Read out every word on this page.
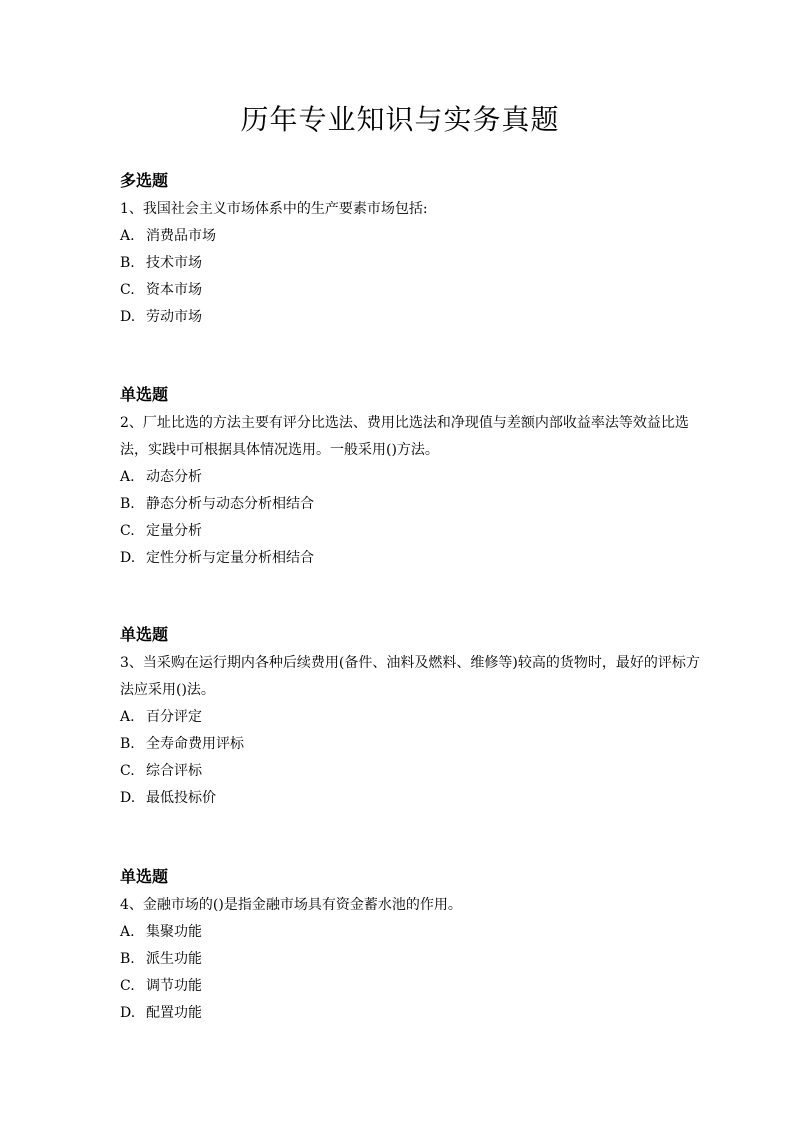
历年专业知识与实务真题
多选题
1、我国社会主义市场体系中的生产要素市场包括:
A. 消费品市场
B. 技术市场
C. 资本市场
D. 劳动市场
单选题
2、厂址比选的方法主要有评分比选法、费用比选法和净现值与差额内部收益率法等效益比选法，实践中可根据具体情况选用。一般采用()方法。
A. 动态分析
B. 静态分析与动态分析相结合
C. 定量分析
D. 定性分析与定量分析相结合
单选题
3、当采购在运行期内各种后续费用(备件、油料及燃料、维修等)较高的货物时，最好的评标方法应采用()法。
A. 百分评定
B. 全寿命费用评标
C. 综合评标
D. 最低投标价
单选题
4、金融市场的()是指金融市场具有资金蓄水池的作用。
A. 集聚功能
B. 派生功能
C. 调节功能
D. 配置功能
